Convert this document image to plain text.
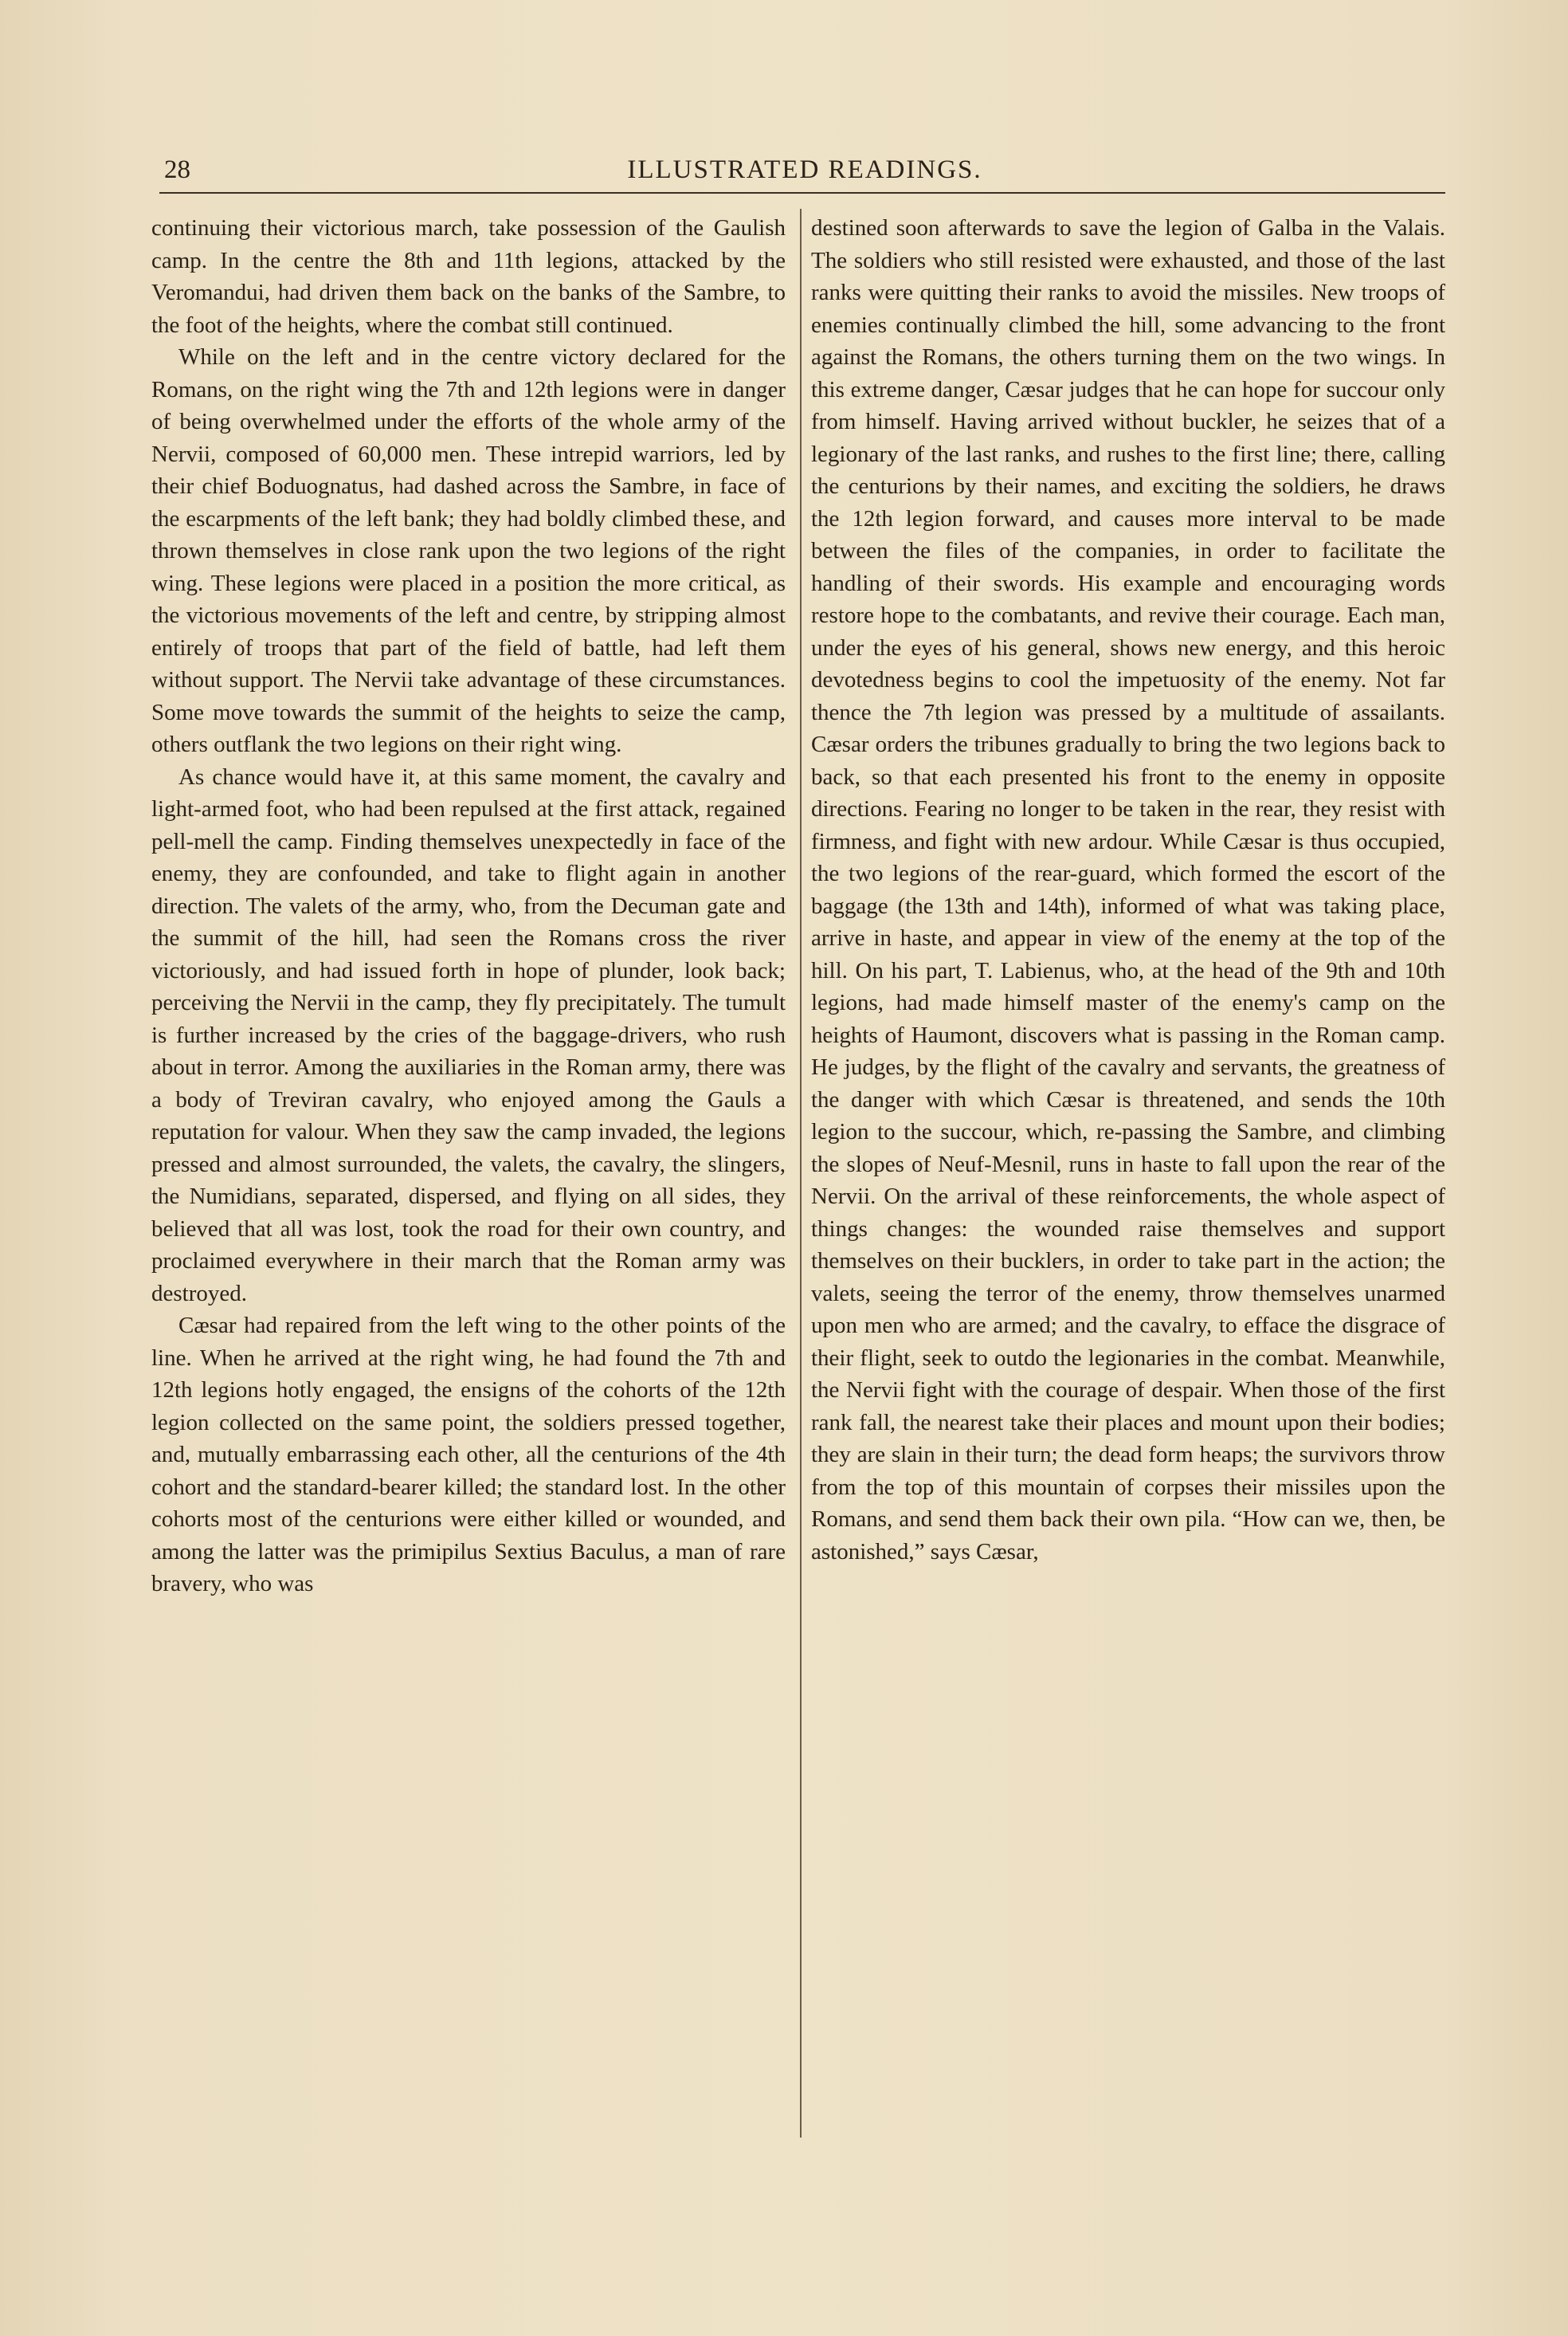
28	ILLUSTRATED READINGS.

continuing their victorious march, take possession of the Gaulish camp. In the centre the 8th and 11th legions, attacked by the Veromandui, had driven them back on the banks of the Sambre, to the foot of the heights, where the combat still continued.

While on the left and in the centre victory declared for the Romans, on the right wing the 7th and 12th legions were in danger of being overwhelmed under the efforts of the whole army of the Nervii, composed of 60,000 men. These intrepid warriors, led by their chief Boduognatus, had dashed across the Sambre, in face of the escarpments of the left bank; they had boldly climbed these, and thrown themselves in close rank upon the two legions of the right wing. These legions were placed in a position the more critical, as the victorious movements of the left and centre, by stripping almost entirely of troops that part of the field of battle, had left them without support. The Nervii take advantage of these circumstances. Some move towards the summit of the heights to seize the camp, others outflank the two legions on their right wing.

As chance would have it, at this same moment, the cavalry and light-armed foot, who had been repulsed at the first attack, regained pell-mell the camp. Finding themselves unexpectedly in face of the enemy, they are confounded, and take to flight again in another direction. The valets of the army, who, from the Decuman gate and the summit of the hill, had seen the Romans cross the river victoriously, and had issued forth in hope of plunder, look back; perceiving the Nervii in the camp, they fly precipitately. The tumult is further increased by the cries of the baggage-drivers, who rush about in terror. Among the auxiliaries in the Roman army, there was a body of Treviran cavalry, who enjoyed among the Gauls a reputation for valour. When they saw the camp invaded, the legions pressed and almost surrounded, the valets, the cavalry, the slingers, the Numidians, separated, dispersed, and flying on all sides, they believed that all was lost, took the road for their own country, and proclaimed everywhere in their march that the Roman army was destroyed.

Cæsar had repaired from the left wing to the other points of the line. When he arrived at the right wing, he had found the 7th and 12th legions hotly engaged, the ensigns of the cohorts of the 12th legion collected on the same point, the soldiers pressed together, and, mutually embarrassing each other, all the centurions of the 4th cohort and the standard-bearer killed; the standard lost. In the other cohorts most of the centurions were either killed or wounded, and among the latter was the primipilus Sextius Baculus, a man of rare bravery, who was

destined soon afterwards to save the legion of Galba in the Valais. The soldiers who still resisted were exhausted, and those of the last ranks were quitting their ranks to avoid the missiles. New troops of enemies continually climbed the hill, some advancing to the front against the Romans, the others turning them on the two wings. In this extreme danger, Cæsar judges that he can hope for succour only from himself. Having arrived without buckler, he seizes that of a legionary of the last ranks, and rushes to the first line; there, calling the centurions by their names, and exciting the soldiers, he draws the 12th legion forward, and causes more interval to be made between the files of the companies, in order to facilitate the handling of their swords. His example and encouraging words restore hope to the combatants, and revive their courage. Each man, under the eyes of his general, shows new energy, and this heroic devotedness begins to cool the impetuosity of the enemy. Not far thence the 7th legion was pressed by a multitude of assailants. Cæsar orders the tribunes gradually to bring the two legions back to back, so that each presented his front to the enemy in opposite directions. Fearing no longer to be taken in the rear, they resist with firmness, and fight with new ardour. While Cæsar is thus occupied, the two legions of the rear-guard, which formed the escort of the baggage (the 13th and 14th), informed of what was taking place, arrive in haste, and appear in view of the enemy at the top of the hill. On his part, T. Labienus, who, at the head of the 9th and 10th legions, had made himself master of the enemy's camp on the heights of Haumont, discovers what is passing in the Roman camp. He judges, by the flight of the cavalry and servants, the greatness of the danger with which Cæsar is threatened, and sends the 10th legion to the succour, which, re-passing the Sambre, and climbing the slopes of Neuf-Mesnil, runs in haste to fall upon the rear of the Nervii. On the arrival of these reinforcements, the whole aspect of things changes: the wounded raise themselves and support themselves on their bucklers, in order to take part in the action; the valets, seeing the terror of the enemy, throw themselves unarmed upon men who are armed; and the cavalry, to efface the disgrace of their flight, seek to outdo the legionaries in the combat. Meanwhile, the Nervii fight with the courage of despair. When those of the first rank fall, the nearest take their places and mount upon their bodies; they are slain in their turn; the dead form heaps; the survivors throw from the top of this mountain of corpses their missiles upon the Romans, and send them back their own pila. “How can we, then, be astonished,” says Cæsar,
